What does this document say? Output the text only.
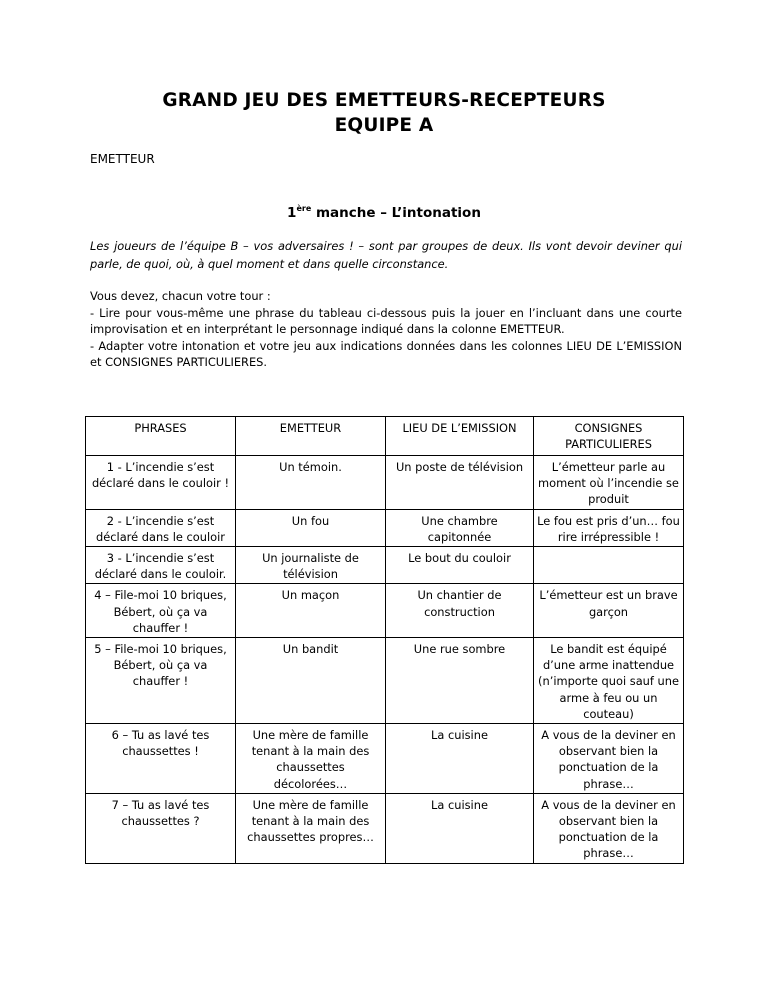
GRAND JEU DES EMETTEURS-RECEPTEURS
EQUIPE A
EMETTEUR
1ère manche – L’intonation
Les joueurs de l’équipe B – vos adversaires ! – sont par groupes de deux. Ils vont devoir deviner qui parle, de quoi, où, à quel moment et dans quelle circonstance.

Vous devez, chacun votre tour :

- Lire pour vous-même une phrase du tableau ci-dessous puis la jouer en l’incluant dans une courte improvisation et en interprétant le personnage indiqué dans la colonne EMETTEUR.

- Adapter votre intonation et votre jeu aux indications données dans les colonnes LIEU DE L’EMISSION et CONSIGNES PARTICULIERES.

PHRASES	EMETTEUR	LIEU DE L’EMISSION	CONSIGNES PARTICULIERES
1 - L’incendie s’est déclaré dans le couloir !	Un témoin.	Un poste de télévision	L’émetteur parle au moment où l’incendie se produit
2 - L’incendie s’est déclaré dans le couloir	Un fou	Une chambre capitonnée	Le fou est pris d’un… fou rire irrépressible !
3 - L’incendie s’est déclaré dans le couloir.	Un journaliste de télévision	Le bout du couloir	
4 – File-moi 10 briques, Bébert, où ça va chauffer !	Un maçon	Un chantier de construction	L’émetteur est un brave garçon
5 – File-moi 10 briques, Bébert, où ça va chauffer !	Un bandit	Une rue sombre	Le bandit est équipé d’une arme inattendue (n’importe quoi sauf une arme à feu ou un couteau)
6 – Tu as lavé tes chaussettes !	Une mère de famille tenant à la main des chaussettes décolorées…	La cuisine	A vous de la deviner en observant bien la ponctuation de la phrase…
7 – Tu as lavé tes chaussettes ?	Une mère de famille tenant à la main des chaussettes propres…	La cuisine	A vous de la deviner en observant bien la ponctuation de la phrase…
